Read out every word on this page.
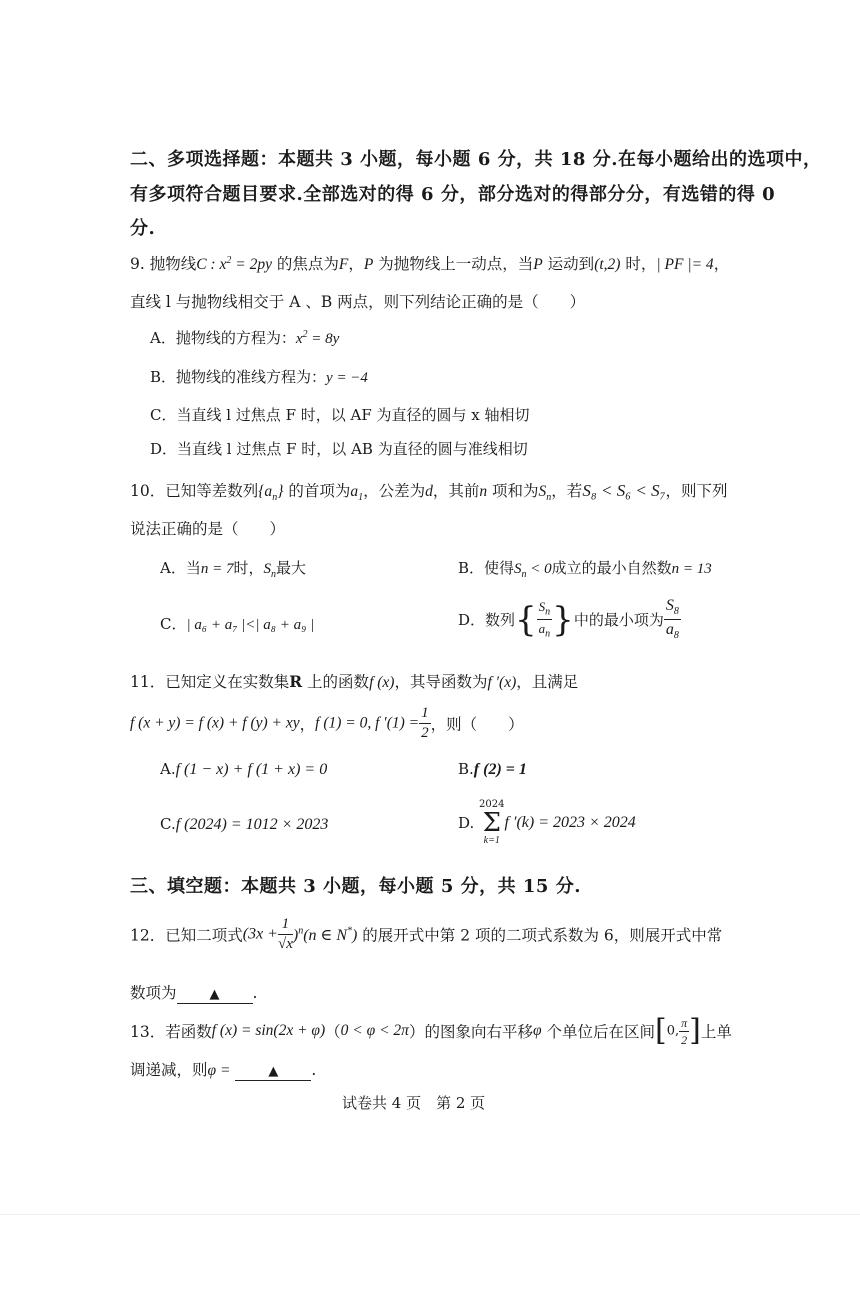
二、多项选择题：本题共 3 小题，每小题 6 分，共 18 分.在每小题给出的选项中，
有多项符合题目要求.全部选对的得 6 分，部分选对的得部分分，有选错的得 0
分.
9. 抛物线C : $x^2 = 2py$ 的焦点为F，P 为抛物线上一动点，当P 运动到(t,2) 时，| PF |= 4，
直线 l 与抛物线相交于 A 、B 两点，则下列结论正确的是（　　）
A．抛物线的方程为：$x^2 = 8y$
B．抛物线的准线方程为：y = −4
C．当直线 l 过焦点 F 时，以 AF 为直径的圆与 x 轴相切
D．当直线 l 过焦点 F 时，以 AB 为直径的圆与准线相切
10．已知等差数列$\{a_n\}$ 的首项为$a_1$，公差为d，其前n 项和为$S_n$，若S₈ < S₆ < S₇，则下列
说法正确的是（　　）
A．当n = 7时，$S_n$最大	B．使得$S_n < 0$成立的最小自然数n = 13
C．| a₆ + a₇ |<| a₈ + a₉ |	D．数列{ $\frac{S_n}{a_n}$ }中的最小项为 $\frac{S_8}{a_8}$
11．已知定义在实数集R 上的函数f (x)，其导函数为f ′(x)，且满足
f (x + y) = f (x) + f (y) + xy，f (1) = 0, f $'(1) = \frac{1}{2}$ ，则（　　）
A.f (1 − x) + f (1 + x) = 0	B.f (2) = 1
C.f (2024) = 1012 × 2023	D.
2024
Σ
k=1
f ′(k) = 2023 × 2024
三、填空题：本题共 3 小题，每小题 5 分，共 15 分.
12．已知二项式$(3x + \frac{1}{√x} )^n(n$ ∈ N*) 的展开式中第 2 项的二项式系数为 6，则展开式中常
数项为	▲ .
13．若函数f (x) = sin(2x + φ)（0 < φ < 2π）的图象向右平移φ 个单位后在区间[0, $\frac{\pi}{2}$ ]上单
调递减，则φ =	▲ .
试卷共 4 页　第 2 页
